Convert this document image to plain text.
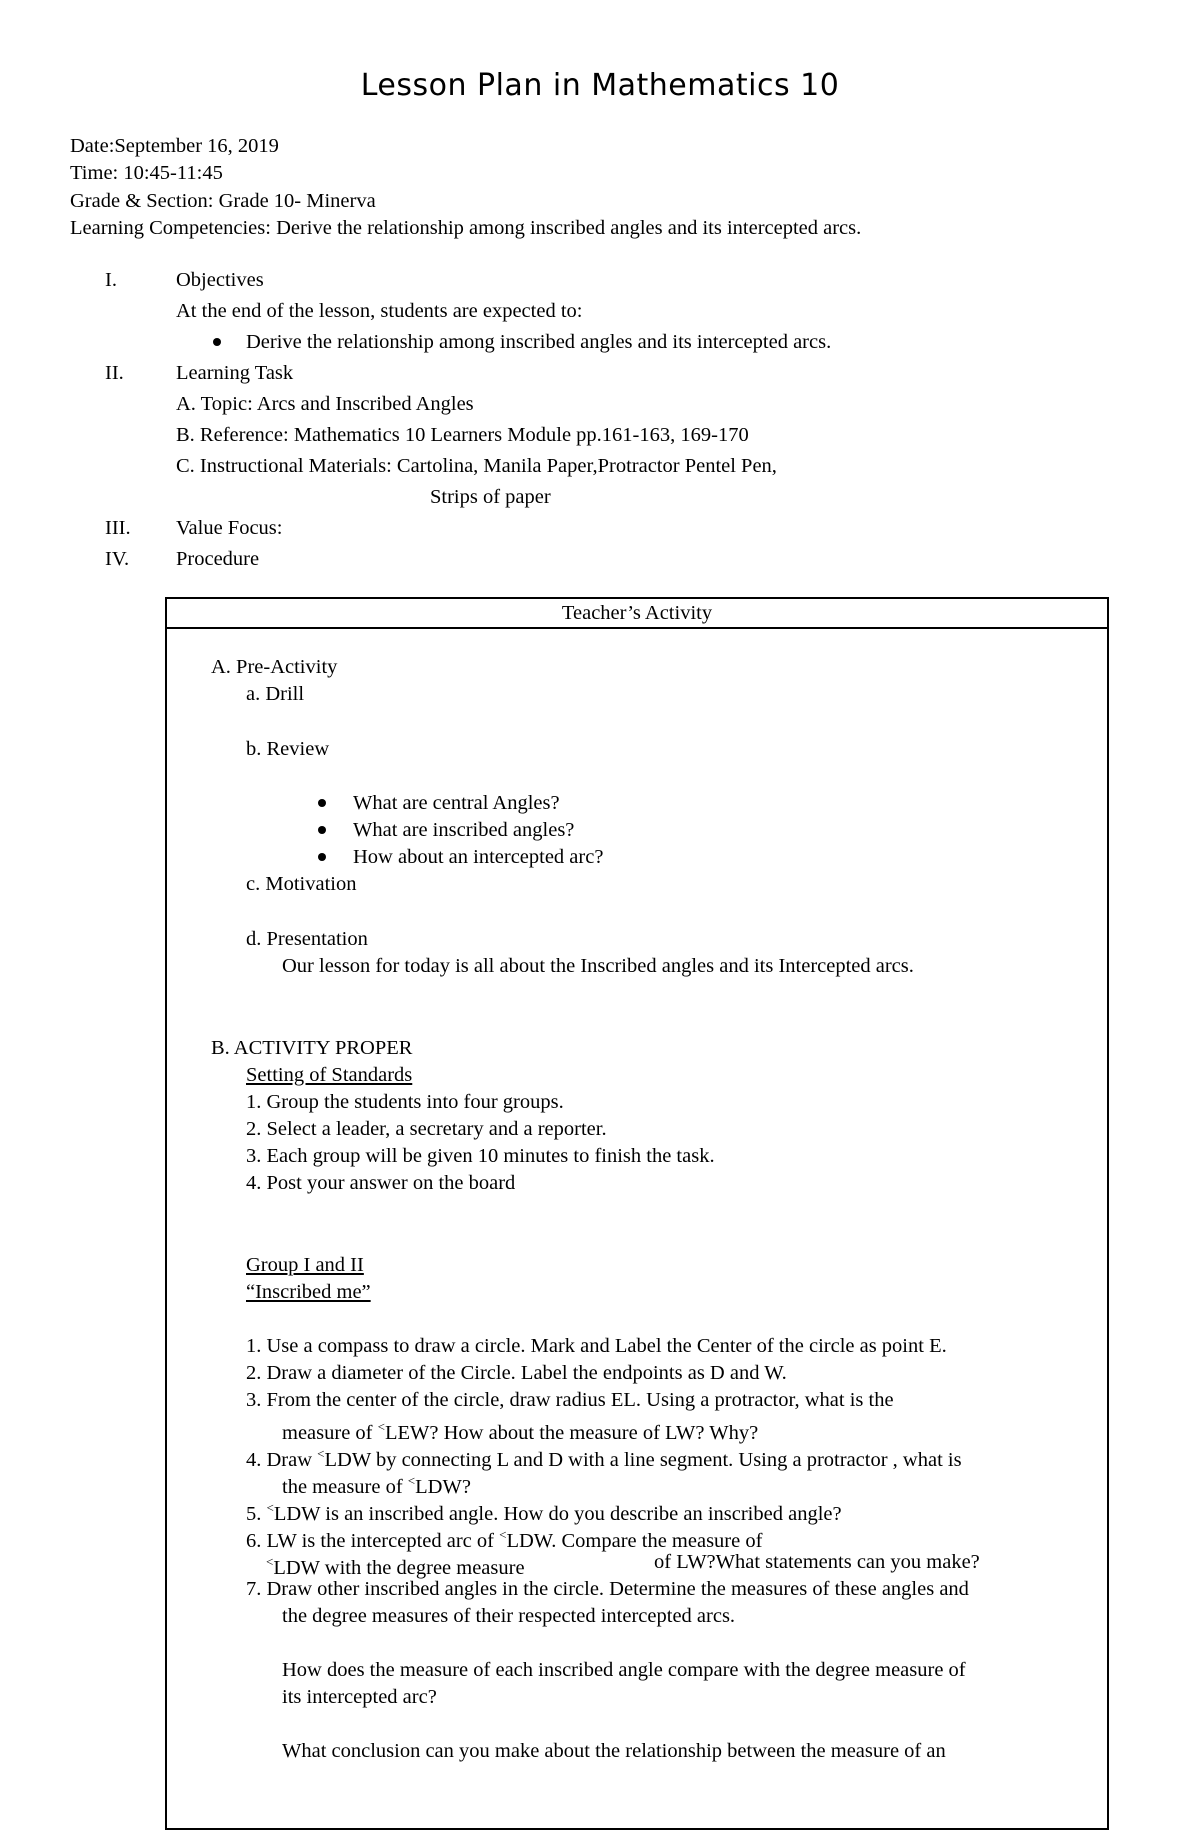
Lesson Plan in Mathematics 10
Date:September 16, 2019
Time: 10:45-11:45
Grade & Section: Grade 10- Minerva
Learning Competencies: Derive the relationship among inscribed angles and its intercepted arcs.
I.	Objectives
At the end of the lesson, students are expected to:
Derive the relationship among inscribed angles and its intercepted arcs.
II.	Learning Task
A. Topic: Arcs and Inscribed Angles
B. Reference: Mathematics 10 Learners Module pp.161-163, 169-170
C. Instructional Materials: Cartolina, Manila Paper,Protractor Pentel Pen,
Strips of paper
III. Value Focus:
IV. Procedure
Teacher’s Activity
A. Pre-Activity
a. Drill
b. Review
What are central Angles?
What are inscribed angles?
How about an intercepted arc?
c. Motivation
d. Presentation
Our lesson for today is all about the Inscribed angles and its Intercepted arcs.
B. ACTIVITY PROPER
Setting of Standards
1. Group the students into four groups.
2. Select a leader, a secretary and a reporter.
3. Each group will be given 10 minutes to finish the task.
4. Post your answer on the board
Group I and II
“Inscribed me”
1. Use a compass to draw a circle. Mark and Label the Center of the circle as point E.
2. Draw a diameter of the Circle. Label the endpoints as D and W.
3. From the center of the circle, draw radius EL. Using a protractor, what is the
measure of <LEW? How about the measure of LW? Why?
4. Draw <LDW by connecting L and D with a line segment. Using a protractor , what is
the measure of <LDW?
5. <LDW is an inscribed angle. How do you describe an inscribed angle?
6. LW is the intercepted arc of <LDW. Compare the measure of
<LDW with the degree measure	of LW?What statements can you make?
7. Draw other inscribed angles in the circle. Determine the measures of these angles and
the degree measures of their respected intercepted arcs.
How does the measure of each inscribed angle compare with the degree measure of
its intercepted arc?
What conclusion can you make about the relationship between the measure of an
